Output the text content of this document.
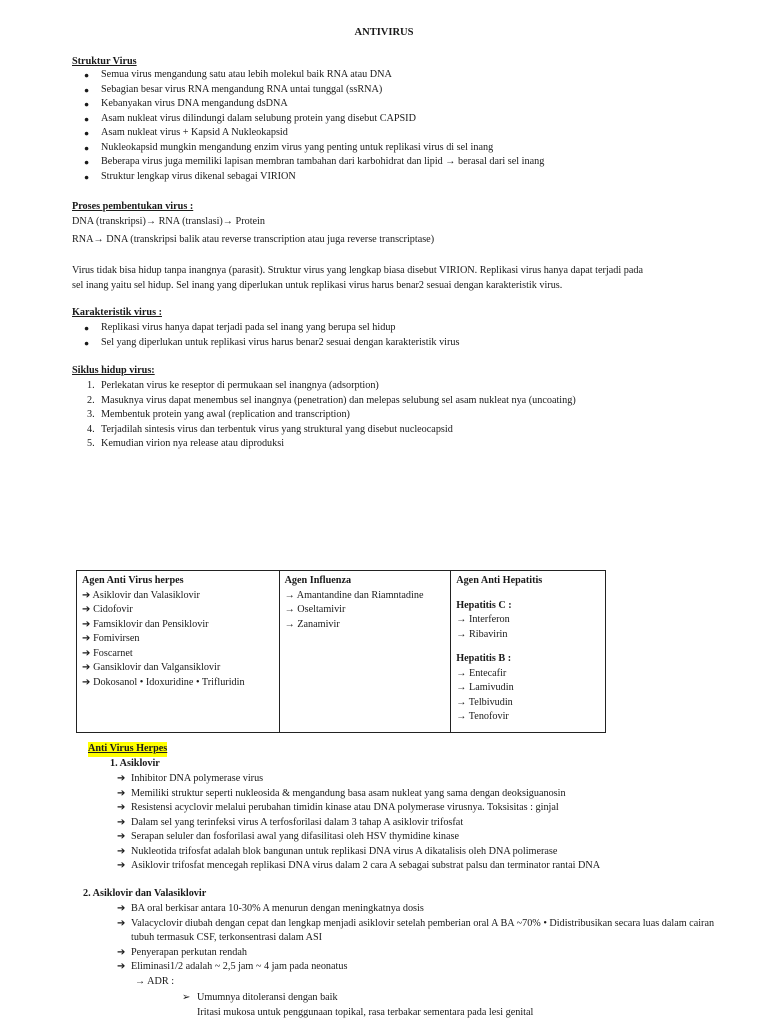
ANTIVIRUS
Struktur Virus
● Semua virus mengandung satu atau lebih molekul baik RNA atau DNA
● Sebagian besar virus RNA mengandung RNA untai tunggal (ssRNA)
● Kebanyakan virus DNA mengandung dsDNA
● Asam nukleat virus dilindungi dalam selubung protein yang disebut CAPSID
● Asam nukleat virus + Kapsid A Nukleokapsid
● Nukleokapsid mungkin mengandung enzim virus yang penting untuk replikasi virus di sel inang
● Beberapa virus juga memiliki lapisan membran tambahan dari karbohidrat dan lipid → berasal dari sel inang
● Struktur lengkap virus dikenal sebagai VIRION
Proses pembentukan virus :
DNA (transkripsi)→ RNA (translasi)→ Protein
RNA→ DNA (transkripsi balik atau reverse transcription atau juga reverse transcriptase)
Virus tidak bisa hidup tanpa inangnya (parasit). Struktur virus yang lengkap biasa disebut VIRION. Replikasi virus hanya dapat terjadi pada
sel inang yaitu sel hidup. Sel inang yang diperlukan untuk replikasi virus harus benar2 sesuai dengan karakteristik virus.
Karakteristik virus :
● Replikasi virus hanya dapat terjadi pada sel inang yang berupa sel hidup
● Sel yang diperlukan untuk replikasi virus harus benar2 sesuai dengan karakteristik virus
Siklus hidup virus:
1. Perlekatan virus ke reseptor di permukaan sel inangnya (adsorption)
2. Masuknya virus dapat menembus sel inangnya (penetration) dan melepas selubung sel asam nukleat nya (uncoating)
3. Membentuk protein yang awal (replication and transcription)
4. Terjadilah sintesis virus dan terbentuk virus yang struktural yang disebut nucleocapsid
5. Kemudian virion nya release atau diproduksi
Agen Anti Virus herpes
➔ Asiklovir dan Valasiklovir
➔ Cidofovir
➔ Famsiklovir dan Pensiklovir
➔ Fomivirsen
➔ Foscarnet
➔ Gansiklovir dan Valgansiklovir
➔ Dokosanol • Idoxuridine • Trifluridin

Agen Influenza
→ Amantandine dan Riamntadine
→ Oseltamivir
→ Zanamivir

Agen Anti Hepatitis
Hepatitis C :
→ Interferon
→ Ribavirin
Hepatitis B :
→ Entecafir
→ Lamivudin
→ Telbivudin
→ Tenofovir
Anti Virus Herpes
1. Asiklovir
➔ Inhibitor DNA polymerase virus
➔ Memiliki struktur seperti nukleosida & mengandung basa asam nukleat yang sama dengan deoksiguanosin
➔ Resistensi acyclovir melalui perubahan timidin kinase atau DNA polymerase virusnya. Toksisitas : ginjal
➔ Dalam sel yang terinfeksi virus A terfosforilasi dalam 3 tahap A asiklovir trifosfat
➔ Serapan seluler dan fosforilasi awal yang difasilitasi oleh HSV thymidine kinase
➔ Nukleotida trifosfat adalah blok bangunan untuk replikasi DNA virus A dikatalisis oleh DNA polimerase
➔ Asiklovir trifosfat mencegah replikasi DNA virus dalam 2 cara A sebagai substrat palsu dan terminator rantai DNA
2. Asiklovir dan Valasiklovir
➔ BA oral berkisar antara 10-30% A menurun dengan meningkatnya dosis
➔ Valacyclovir diubah dengan cepat dan lengkap menjadi asiklovir setelah pemberian oral A BA ~70% • Didistribusikan secara luas dalam cairan tubuh termasuk CSF, terkonsentrasi dalam ASI
➔ Penyerapan perkutan rendah
➔ Eliminasi1/2 adalah ~ 2,5 jam ~ 4 jam pada neonatus
→ ADR :
➢ Umumnya ditoleransi dengan baik
Iritasi mukosa untuk penggunaan topikal, rasa terbakar sementara pada lesi genital
